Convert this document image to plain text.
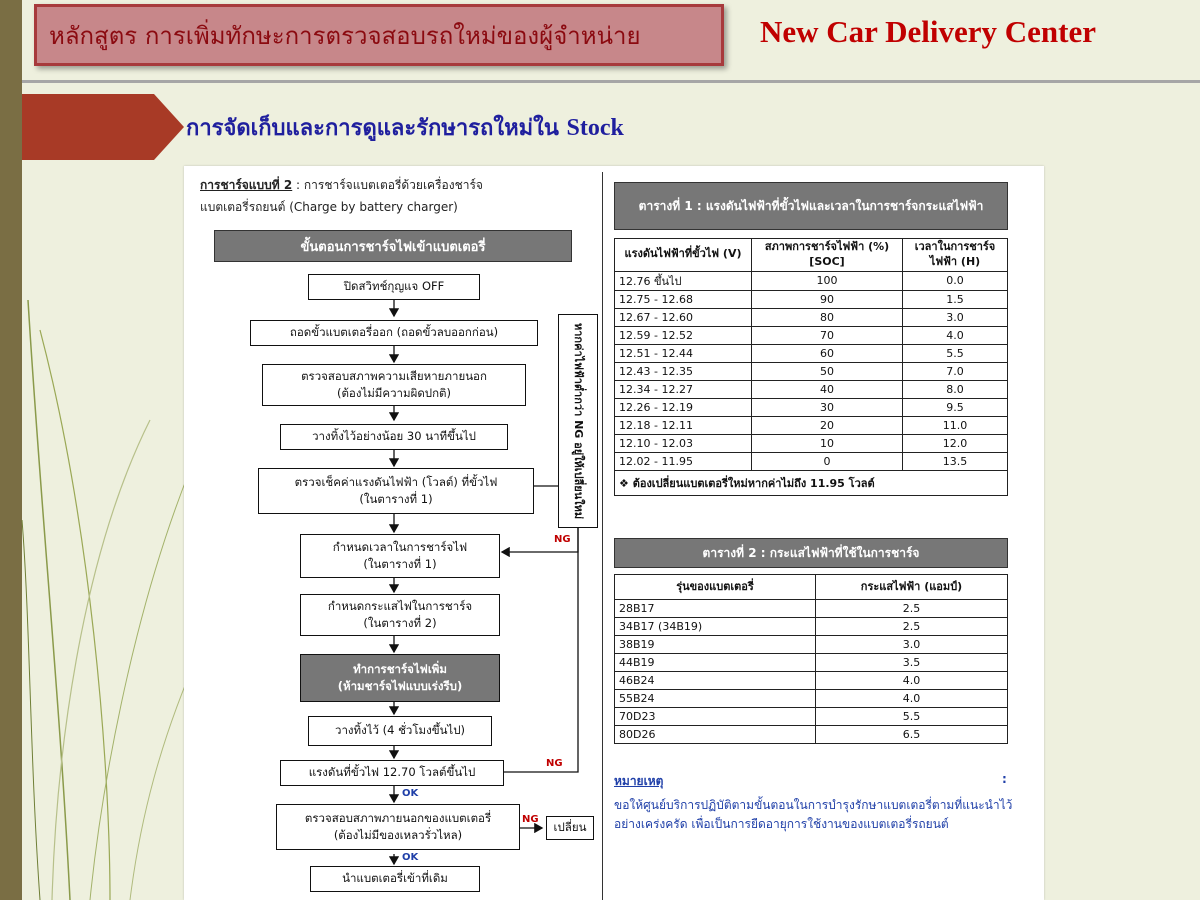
หลักสูตร การเพิ่มทักษะการตรวจสอบรถใหม่ของผู้จำหน่าย	New Car Delivery Center
การจัดเก็บและการดูและรักษารถใหม่ใน Stock
การชาร์จแบบที่ 2 : การชาร์จแบตเตอรี่ด้วยเครื่องชาร์จ
แบตเตอรี่รถยนต์ (Charge by battery charger)
ขั้นตอนการชาร์จไฟเข้าแบตเตอรี่
ปิดสวิทช์กุญแจ OFF
ถอดขั้วแบตเตอรี่ออก (ถอดขั้วลบออกก่อน)
ตรวจสอบสภาพความเสียหายภายนอก
(ต้องไม่มีความผิดปกติ)
วางทิ้งไว้อย่างน้อย 30 นาทีขึ้นไป
ตรวจเช็คค่าแรงดันไฟฟ้า (โวลต์) ที่ขั้วไฟ
(ในตารางที่ 1)
กำหนดเวลาในการชาร์จไฟ
(ในตารางที่ 1)
กำหนดกระแสไฟในการชาร์จ
(ในตารางที่ 2)
ทำการชาร์จไฟเพิ่ม
(ห้ามชาร์จไฟแบบเร่งรีบ)
วางทิ้งไว้ (4 ชั่วโมงขึ้นไป)
แรงดันที่ขั้วไฟ 12.70 โวลต์ขึ้นไป
ตรวจสอบสภาพภายนอกของแบตเตอรี่
(ต้องไม่มีของเหลวรั่วไหล)
เปลี่ยน
นำแบตเตอรี่เข้าที่เดิม
หากค่าไฟฟ้าต่ำกว่า NG อยู่ให้เปลี่ยนใหม่
NG
NG
NG
OK
OK
ตารางที่ 1 : แรงดันไฟฟ้าที่ขั้วไฟและเวลาในการชาร์จ กระแสไฟฟ้า
แรงดันไฟฟ้าที่ขั้วไฟ (V)	สภาพการชาร์จไฟฟ้า (%) [SOC]	เวลาในการชาร์จไฟฟ้า (H)
12.76 ขึ้นไป	100	0.0
12.75 - 12.68	90	1.5
12.67 - 12.60	80	3.0
12.59 - 12.52	70	4.0
12.51 - 12.44	60	5.5
12.43 - 12.35	50	7.0
12.34 - 12.27	40	8.0
12.26 - 12.19	30	9.5
12.18 - 12.11	20	11.0
12.10 - 12.03	10	12.0
12.02 - 11.95	0	13.5
❖ ต้องเปลี่ยนแบตเตอรี่ใหม่หากค่าไม่ถึง 11.95 โวลต์		
ตารางที่ 2 : กระแสไฟฟ้าที่ใช้ในการชาร์จ
รุ่นของแบตเตอรี่	กระแสไฟฟ้า (แอมป์)
28B17	2.5
34B17 (34B19)	2.5
38B19	3.0
44B19	3.5
46B24	4.0
55B24	4.0
70D23	5.5
80D26	6.5
หมายเหตุ	:
ขอให้ศูนย์บริการปฏิบัติตามขั้นตอนในการบำรุงรักษาแบตเตอรี่ตามที่แนะนำไว้อย่างเคร่งครัด เพื่อเป็นการยืดอายุการใช้งานของแบตเตอรี่รถยนต์
